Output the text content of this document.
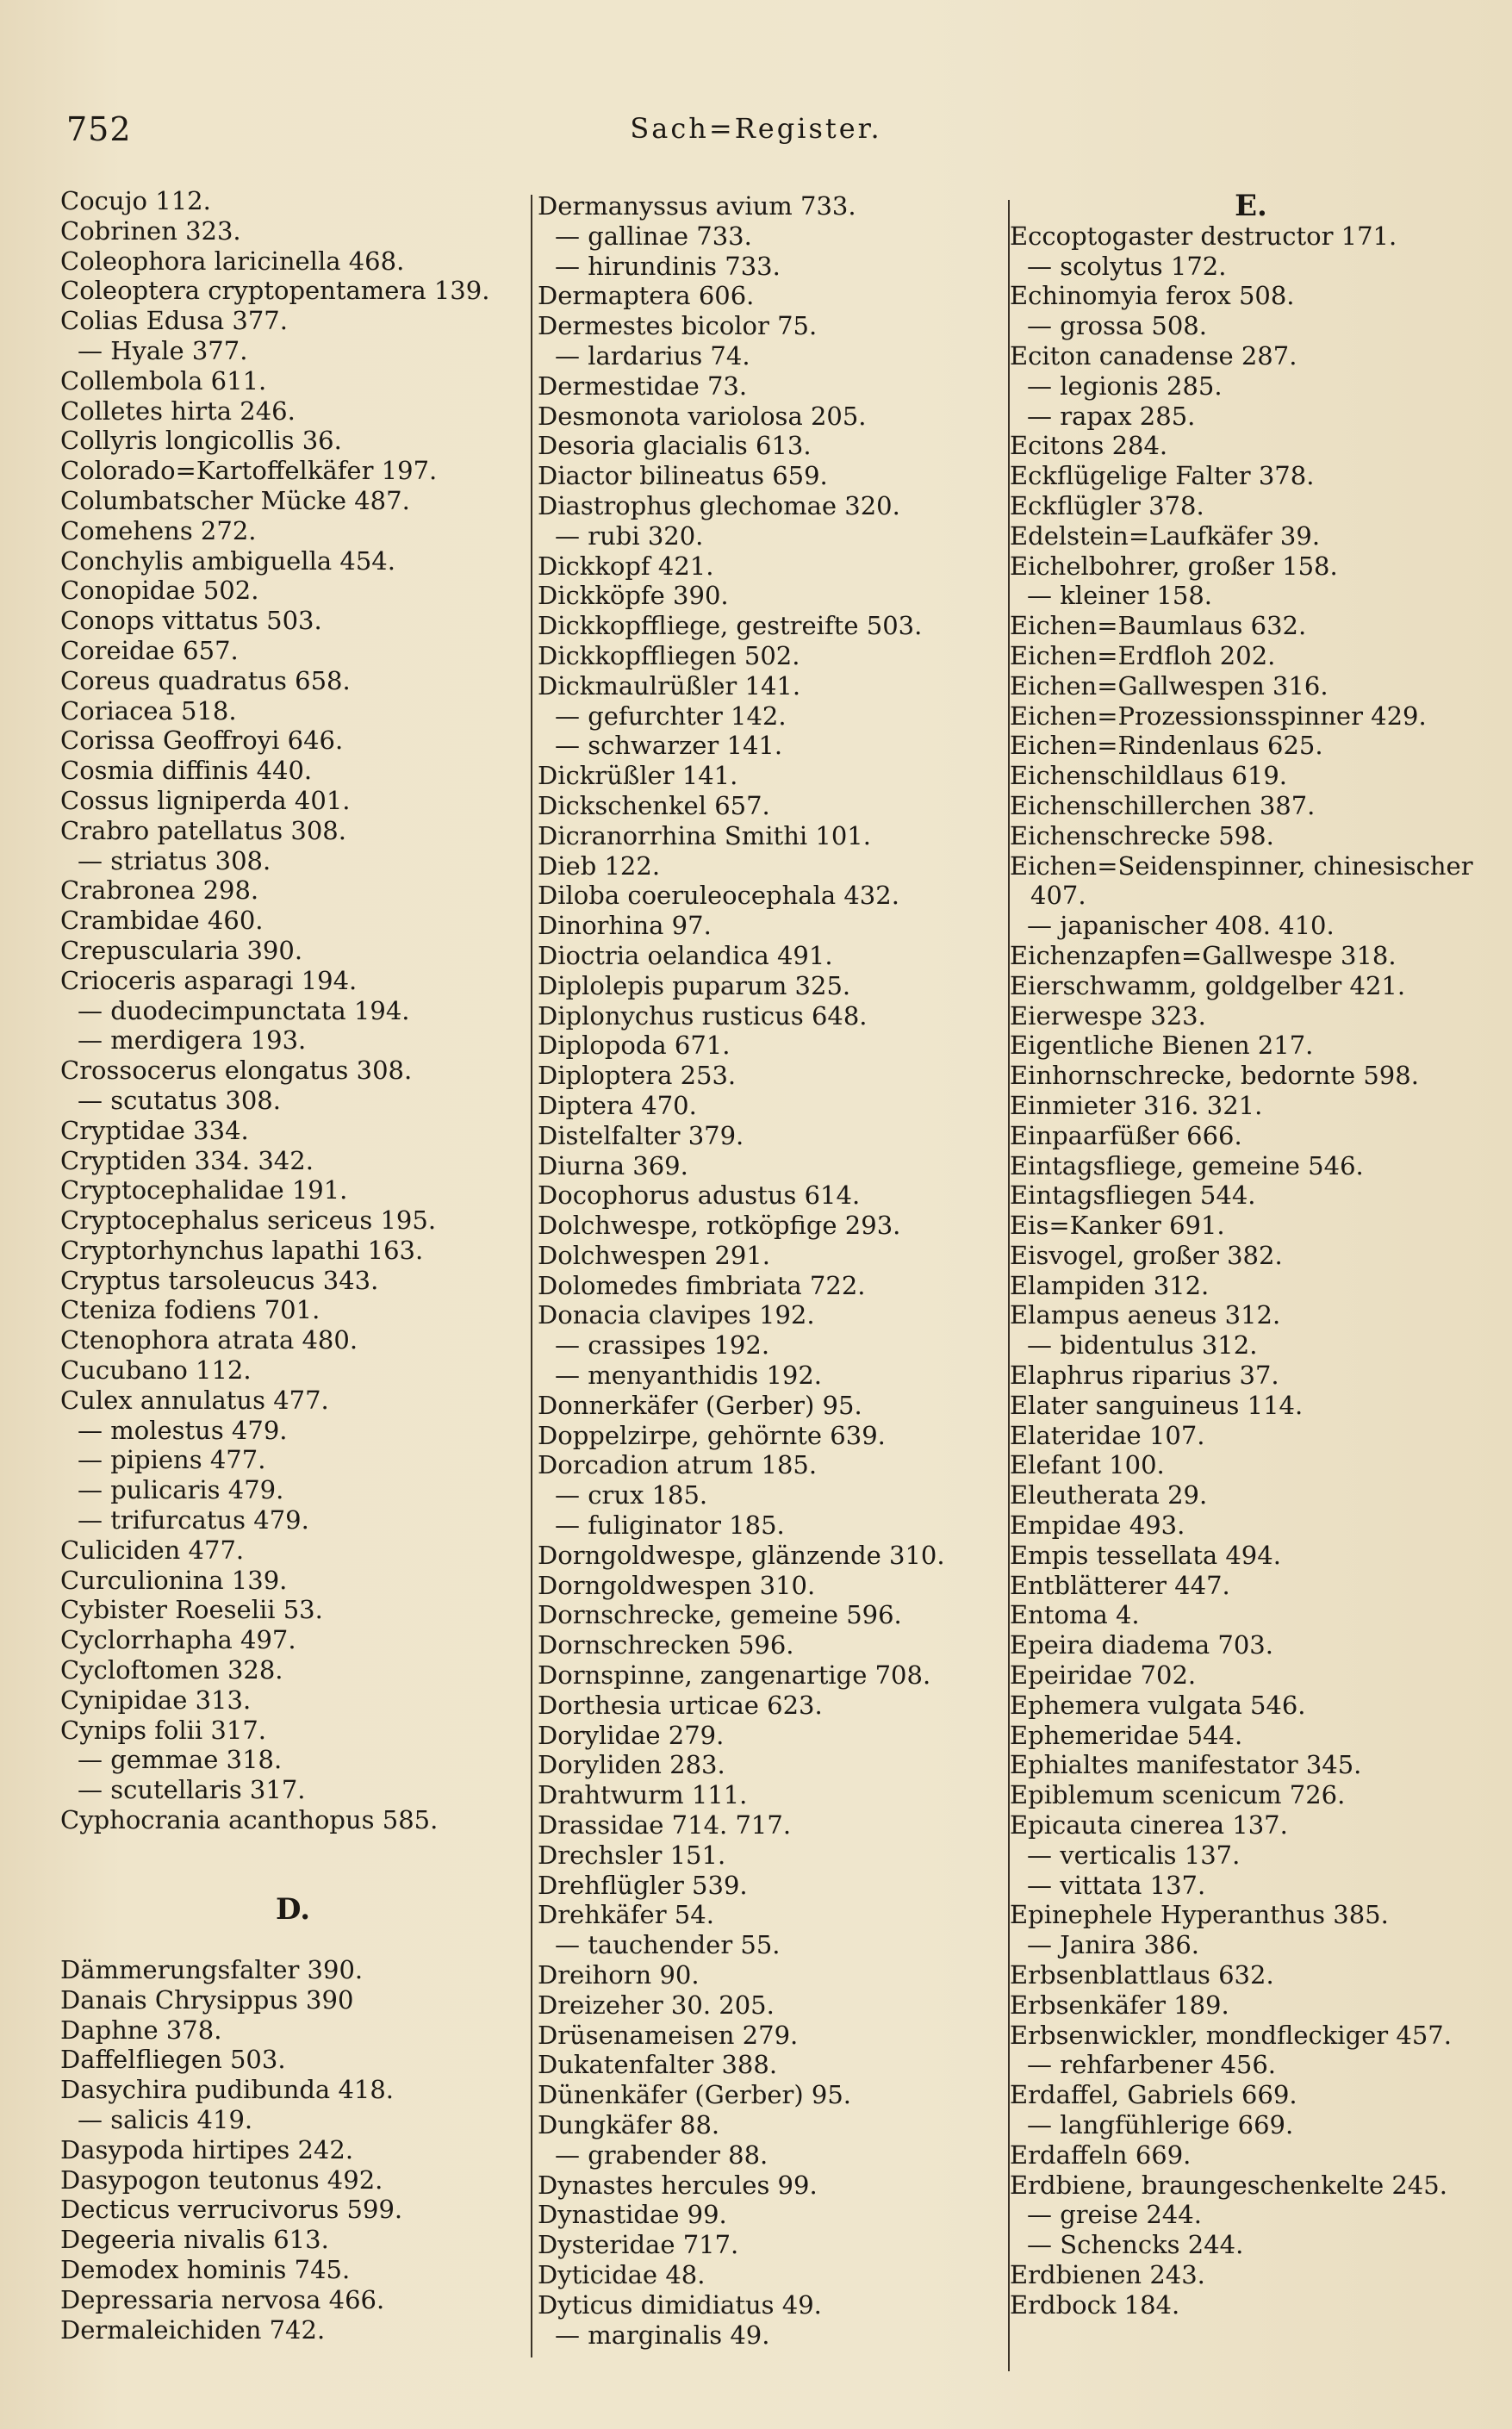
752	Sach=Register.
Cocujo 112.
Cobrinen 323.
Coleophora laricinella 468.
Coleoptera cryptopentamera 139.
Colias Edusa 377.
— Hyale 377.
Collembola 611.
Colletes hirta 246.
Collyris longicollis 36.
Colorado=Kartoffelkäfer 197.
Columbatscher Mücke 487.
Comehens 272.
Conchylis ambiguella 454.
Conopidae 502.
Conops vittatus 503.
Coreidae 657.
Coreus quadratus 658.
Coriacea 518.
Corissa Geoffroyi 646.
Cosmia diffinis 440.
Cossus ligniperda 401.
Crabro patellatus 308.
— striatus 308.
Crabronea 298.
Crambidae 460.
Crepuscularia 390.
Crioceris asparagi 194.
— duodecimpunctata 194.
— merdigera 193.
Crossocerus elongatus 308.
— scutatus 308.
Cryptidae 334.
Cryptiden 334. 342.
Cryptocephalidae 191.
Cryptocephalus sericeus 195.
Cryptorhynchus lapathi 163.
Cryptus tarsoleucus 343.
Cteniza fodiens 701.
Ctenophora atrata 480.
Cucubano 112.
Culex annulatus 477.
— molestus 479.
— pipiens 477.
— pulicaris 479.
— trifurcatus 479.
Culiciden 477.
Curculionina 139.
Cybister Roeselii 53.
Cyclorrhapha 497.
Cycloftomen 328.
Cynipidae 313.
Cynips folii 317.
— gemmae 318.
— scutellaris 317.
Cyphocrania acanthopus 585.
D.
Dämmerungsfalter 390.
Danais Chrysippus 390
Daphne 378.
Daffelfliegen 503.
Dasychira pudibunda 418.
— salicis 419.
Dasypoda hirtipes 242.
Dasypogon teutonus 492.
Decticus verrucivorus 599.
Degeeria nivalis 613.
Demodex hominis 745.
Depressaria nervosa 466.
Dermaleichiden 742.
Dermanyssus avium 733.
— gallinae 733.
— hirundinis 733.
Dermaptera 606.
Dermestes bicolor 75.
— lardarius 74.
Dermestidae 73.
Desmonota variolosa 205.
Desoria glacialis 613.
Diactor bilineatus 659.
Diastrophus glechomae 320.
— rubi 320.
Dickkopf 421.
Dickköpfe 390.
Dickkopffliege, gestreifte 503.
Dickkopffliegen 502.
Dickmaulrüßler 141.
— gefurchter 142.
— schwarzer 141.
Dickrüßler 141.
Dickschenkel 657.
Dicranorrhina Smithi 101.
Dieb 122.
Diloba coeruleocephala 432.
Dinorhina 97.
Dioctria oelandica 491.
Diplolepis puparum 325.
Diplonychus rusticus 648.
Diplopoda 671.
Diploptera 253.
Diptera 470.
Distelfalter 379.
Diurna 369.
Docophorus adustus 614.
Dolchwespe, rotköpfige 293.
Dolchwespen 291.
Dolomedes fimbriata 722.
Donacia clavipes 192.
— crassipes 192.
— menyanthidis 192.
Donnerkäfer (Gerber) 95.
Doppelzirpe, gehörnte 639.
Dorcadion atrum 185.
— crux 185.
— fuliginator 185.
Dorngoldwespe, glänzende 310.
Dorngoldwespen 310.
Dornschrecke, gemeine 596.
Dornschrecken 596.
Dornspinne, zangenartige 708.
Dorthesia urticae 623.
Dorylidae 279.
Doryliden 283.
Drahtwurm 111.
Drassidae 714. 717.
Drechsler 151.
Drehflügler 539.
Drehkäfer 54.
— tauchender 55.
Dreihorn 90.
Dreizeher 30. 205.
Drüsenameisen 279.
Dukatenfalter 388.
Dünenkäfer (Gerber) 95.
Dungkäfer 88.
— grabender 88.
Dynastes hercules 99.
Dynastidae 99.
Dysteridae 717.
Dyticidae 48.
Dyticus dimidiatus 49.
— marginalis 49.
E.
Eccoptogaster destructor 171.
— scolytus 172.
Echinomyia ferox 508.
— grossa 508.
Eciton canadense 287.
— legionis 285.
— rapax 285.
Ecitons 284.
Eckflügelige Falter 378.
Eckflügler 378.
Edelstein=Laufkäfer 39.
Eichelbohrer, großer 158.
— kleiner 158.
Eichen=Baumlaus 632.
Eichen=Erdfloh 202.
Eichen=Gallwespen 316.
Eichen=Prozessionsspinner 429.
Eichen=Rindenlaus 625.
Eichenschildlaus 619.
Eichenschillerchen 387.
Eichenschrecke 598.
Eichen=Seidenspinner, chinesischer
407.
— japanischer 408. 410.
Eichenzapfen=Gallwespe 318.
Eierschwamm, goldgelber 421.
Eierwespe 323.
Eigentliche Bienen 217.
Einhornschrecke, bedornte 598.
Einmieter 316. 321.
Einpaarfüßer 666.
Eintagsfliege, gemeine 546.
Eintagsfliegen 544.
Eis=Kanker 691.
Eisvogel, großer 382.
Elampiden 312.
Elampus aeneus 312.
— bidentulus 312.
Elaphrus riparius 37.
Elater sanguineus 114.
Elateridae 107.
Elefant 100.
Eleutherata 29.
Empidae 493.
Empis tessellata 494.
Entblätterer 447.
Entoma 4.
Epeira diadema 703.
Epeiridae 702.
Ephemera vulgata 546.
Ephemeridae 544.
Ephialtes manifestator 345.
Epiblemum scenicum 726.
Epicauta cinerea 137.
— verticalis 137.
— vittata 137.
Epinephele Hyperanthus 385.
— Janira 386.
Erbsenblattlaus 632.
Erbsenkäfer 189.
Erbsenwickler, mondfleckiger 457.
— rehfarbener 456.
Erdaffel, Gabriels 669.
— langfühlerige 669.
Erdaffeln 669.
Erdbiene, braungeschenkelte 245.
— greise 244.
— Schencks 244.
Erdbienen 243.
Erdbock 184.
